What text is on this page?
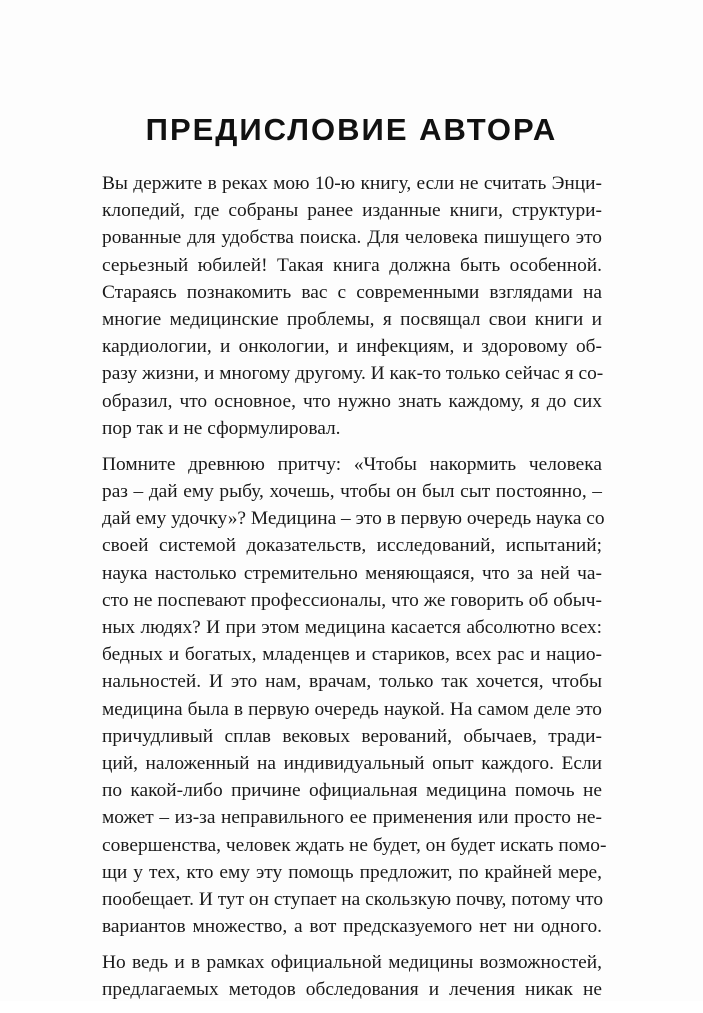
ПРЕДИСЛОВИЕ АВТОРА
Вы держите в реках мою 10-ю книгу, если не считать Энци-
клопедий, где собраны ранее изданные книги, структури-
рованные для удобства поиска. Для человека пишущего это
серьезный юбилей! Такая книга должна быть особенной.
Стараясь познакомить вас с современными взглядами на
многие медицинские проблемы, я посвящал свои книги и
кардиологии, и онкологии, и инфекциям, и здоровому об-
разу жизни, и многому другому. И как-то только сейчас я со-
образил, что основное, что нужно знать каждому, я до сих
пор так и не сформулировал.
Помните древнюю притчу: «Чтобы накормить человека
раз – дай ему рыбу, хочешь, чтобы он был сыт постоянно, –
дай ему удочку»? Медицина – это в первую очередь наука со
своей системой доказательств, исследований, испытаний;
наука настолько стремительно меняющаяся, что за ней ча-
сто не поспевают профессионалы, что же говорить об обыч-
ных людях? И при этом медицина касается абсолютно всех:
бедных и богатых, младенцев и стариков, всех рас и нацио-
нальностей. И это нам, врачам, только так хочется, чтобы
медицина была в первую очередь наукой. На самом деле это
причудливый сплав вековых верований, обычаев, тради-
ций, наложенный на индивидуальный опыт каждого. Если
по какой-либо причине официальная медицина помочь не
может – из-за неправильного ее применения или просто не-
совершенства, человек ждать не будет, он будет искать помо-
щи у тех, кто ему эту помощь предложит, по крайней мере,
пообещает. И тут он ступает на скользкую почву, потому что
вариантов множество, а вот предсказуемого нет ни одного.
Но ведь и в рамках официальной медицины возможностей,
предлагаемых методов обследования и лечения никак не
